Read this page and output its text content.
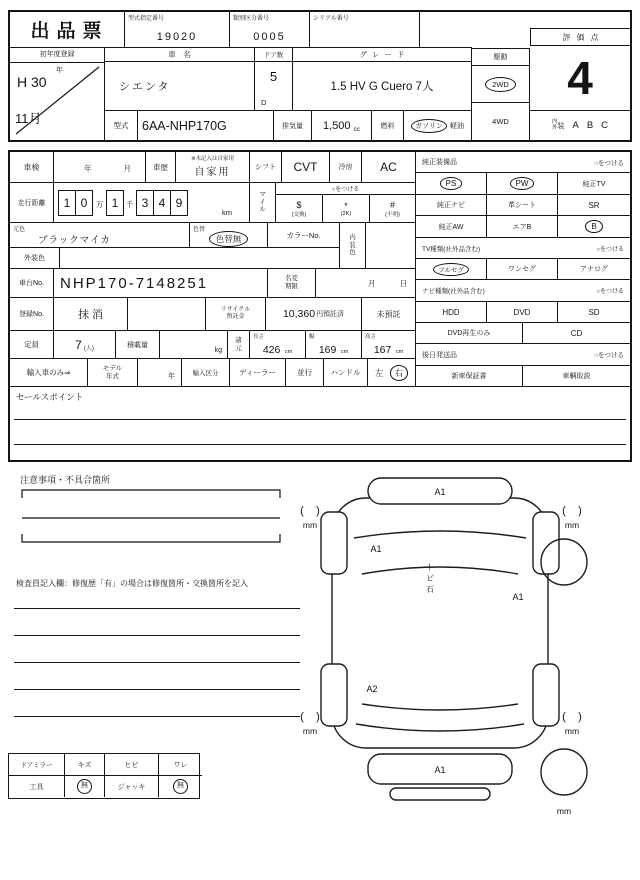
出品票
型式指定番号
19020
類別区分番号
0005
シリアル番号
初年度登録
年
H 30
11月
車　名
シエンタ
ドア数
5
D
グレード
1.5 HV G Cuero 7人
型式	6AA-NHP170G	排気量 1,500 cc	燃料	ガソリン	軽油
駆動
2WD
4WD
評価点
4
内
外 装 A B C
車検	年	月	車歴
※未記入は自家用
自家用	シフト CVT	冷房 AC
走行距離 1 0 万 1 千 3 4 9
km
マイル
○をつける
$
(交換)
*
(2K)
#
(不明)
元色
ブラックマイカ
色替
色替無	カラーNo.	内装色
外装色
車台No.	NHP170-7148251	名変期限	月	日
登録No.	抹消	リサイクル預託金	10,360 円預託済	未預託
定員	7 (人)
積載量
kg
諸元
長さ
426 cm
幅
169 cm
高さ
167 cm
輸入車のみ⇒	モデル年式	年	輸入区分	ディーラー	並行 ハンドル 左	右
セールスポイント
純正装備品	○をつける
PS	PW	純正TV
純正ナビ	革シート	SR
純正AW	エアB	B
TV種類(社外品含む)	○をつける
フルセグ	ワンセグ	アナログ
ナビ種類(社外品含む)	○をつける
HDD	DVD	SD
DVD再生のみ	CD
後日発送品	○をつける
新車保証書	車輌取説
注意事項・不具合箇所
検査員記入欄：修復歴「有」の場合は修復箇所・交換箇所を記入
ドアミラー	キズ	ヒビ	ワレ
工具	無	ジャッキ	無
A1
A1
A1
A2
A1
ト
ビ
石
( )
mm
( )
mm
( )
mm
( )
mm
mm
